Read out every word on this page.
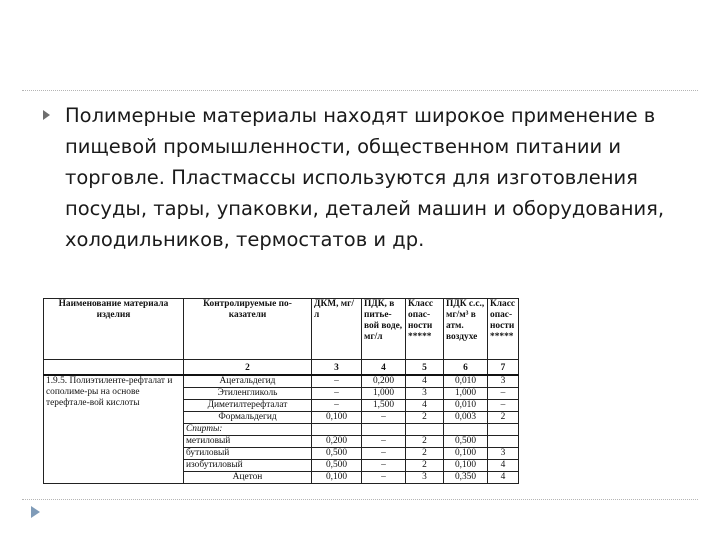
Полимерные материалы находят широкое применение в пищевой промышленности, общественном питании и торговле. Пластмассы используются для изготовления посуды, тары, упаковки, деталей машин и оборудования, холодильников, термостатов и др.

Наименование материала изделия	Контролируемые по-казатели	ДКМ, мг/л	ПДК, в питье-вой воде, мг/л	Класс опас-ности *****	ПДК с.с., мг/м³ в атм. воздухе	Класс опас-ности *****
	2	3	4	5	6	7
1.9.5. Полиэтиленте-рефталат и сополиме-ры на основе терефтале-вой кислоты	Ацетальдегид	–	0,200	4	0,010	3
	Этиленгликоль	–	1,000	3	1,000	–
	Диметилтерефталат	–	1,500	4	0,010	–
	Формальдегид	0,100	–	2	0,003	2
	Спирты:					
	метиловый	0,200	–	2	0,500	
	бутиловый	0,500	–	2	0,100	3
	изобутиловый	0,500	–	2	0,100	4
	Ацетон	0,100	–	3	0,350	4
